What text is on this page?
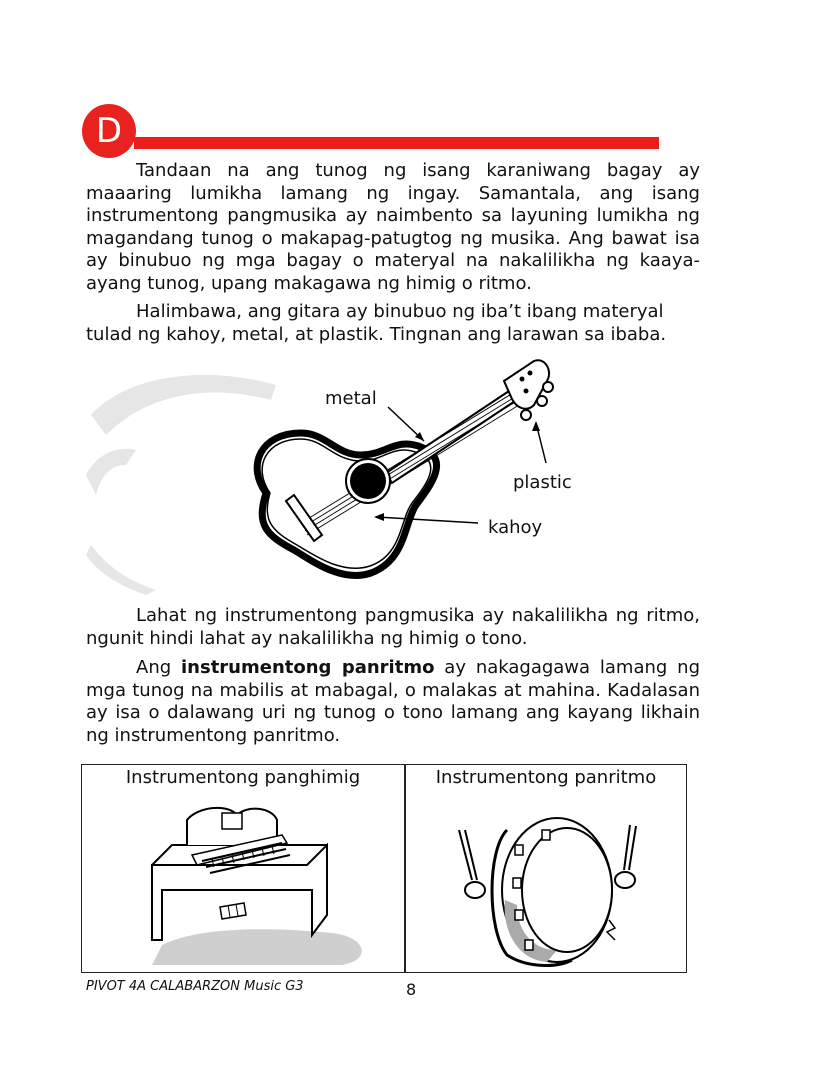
D

Tandaan na ang tunog ng isang karaniwang bagay ay maaaring lumikha lamang ng ingay. Samantala, ang isang instrumentong pangmusika ay naimbento sa layuning lumikha ng magandang tunog o makapag-patugtog ng musika. Ang bawat isa ay binubuo ng mga bagay o materyal na nakalilikha ng kaaya-ayang tunog, upang makagawa ng himig o ritmo.

Halimbawa, ang gitara ay binubuo ng iba’t ibang materyal tulad ng kahoy, metal, at plastik. Tingnan ang larawan sa ibaba.

metal
plastic
kahoy

Lahat ng instrumentong pangmusika ay nakalilikha ng ritmo, ngunit hindi lahat ay nakalilikha ng himig o tono.

Ang instrumentong panritmo ay nakagagawa lamang ng mga tunog na mabilis at mabagal, o malakas at mahina. Kadalasan ay isa o dalawang uri ng tunog o tono lamang ang kayang likhain ng instrumentong panritmo.

Instrumentong panghimig	Instrumentong panritmo
PIVOT 4A CALABARZON Music G3	8
